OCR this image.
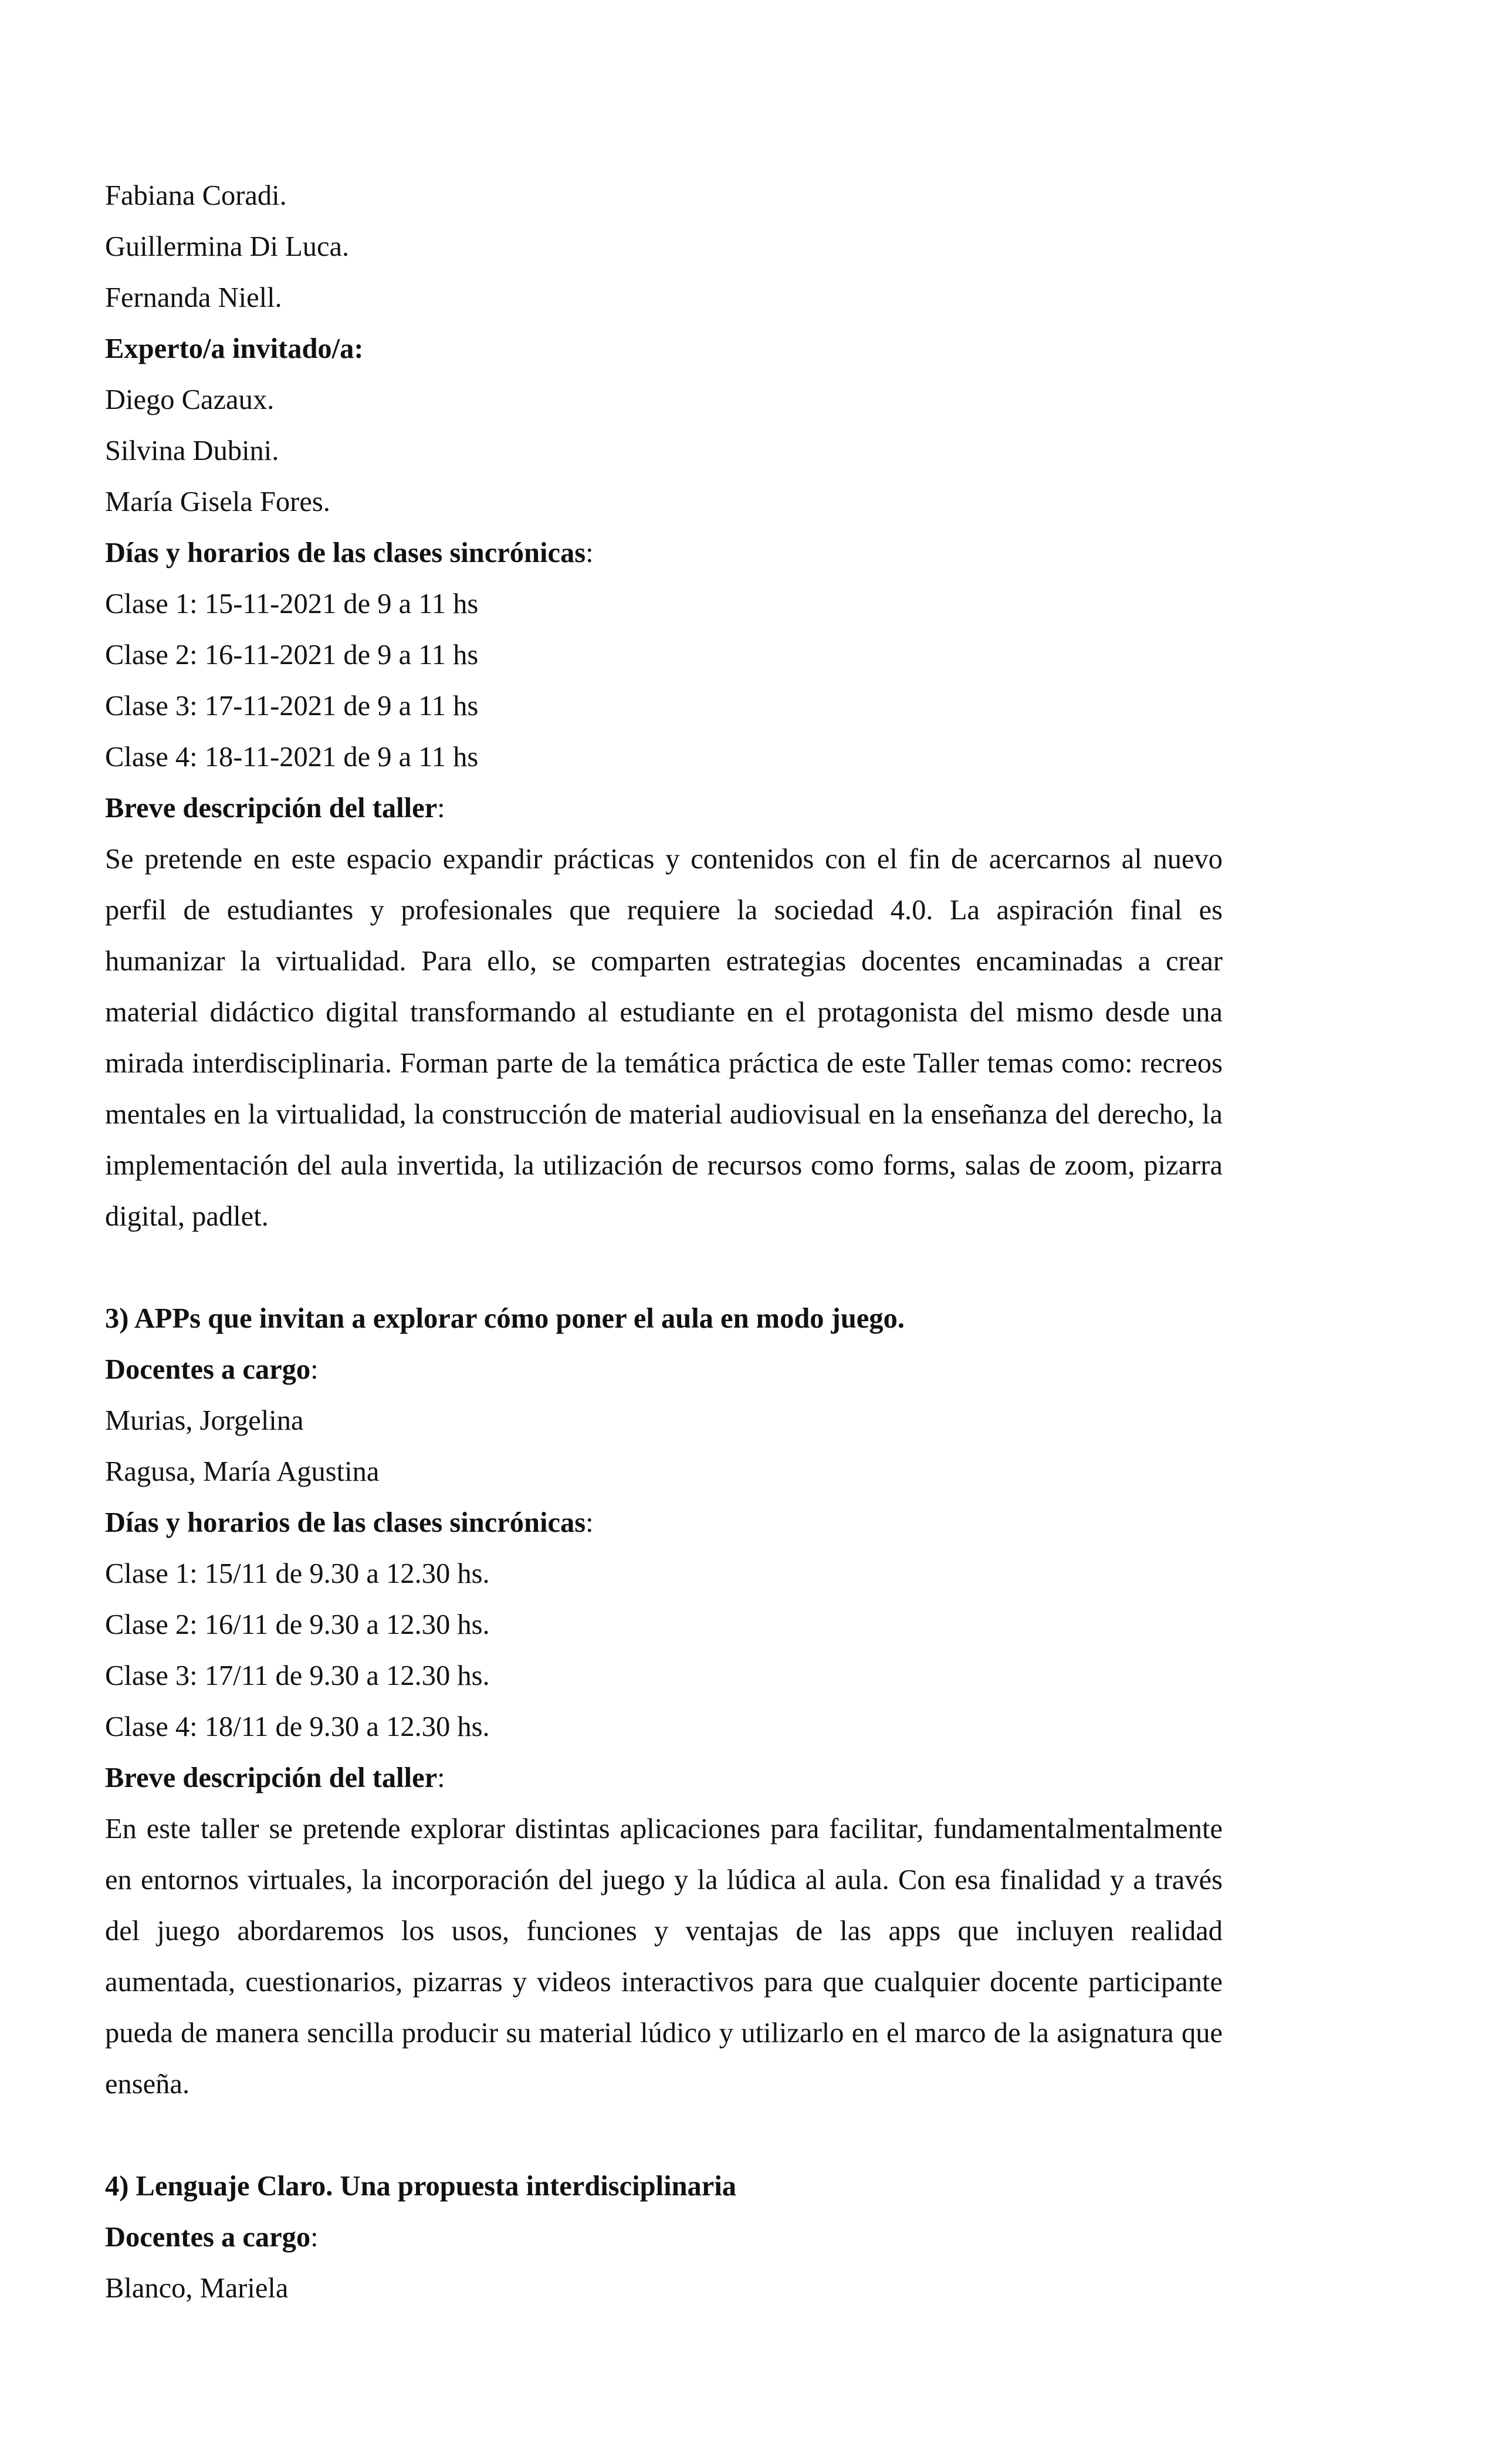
Fabiana Coradi.
Guillermina Di Luca.
Fernanda Niell.
Experto/a invitado/a:
Diego Cazaux.
Silvina Dubini.
María Gisela Fores.
Días y horarios de las clases sincrónicas:
Clase 1: 15-11-2021 de 9 a 11 hs
Clase 2: 16-11-2021 de 9 a 11 hs
Clase 3: 17-11-2021 de 9 a 11 hs
Clase 4: 18-11-2021 de 9 a 11 hs
Breve descripción del taller:
Se pretende en este espacio expandir prácticas y contenidos con el fin de acercarnos al nuevo perfil de estudiantes y profesionales que requiere la sociedad 4.0. La aspiración final es humanizar la virtualidad. Para ello, se comparten estrategias docentes encaminadas a crear material didáctico digital transformando al estudiante en el protagonista del mismo desde una mirada interdisciplinaria. Forman parte de la temática práctica de este Taller temas como: recreos mentales en la virtualidad, la construcción de material audiovisual en la enseñanza del derecho, la implementación del aula invertida, la utilización de recursos como forms, salas de zoom, pizarra digital, padlet.
3) APPs que invitan a explorar cómo poner el aula en modo juego.
Docentes a cargo:
Murias, Jorgelina
Ragusa, María Agustina
Días y horarios de las clases sincrónicas:
Clase 1: 15/11 de 9.30 a 12.30 hs.
Clase 2: 16/11 de 9.30 a 12.30 hs.
Clase 3: 17/11 de 9.30 a 12.30 hs.
Clase 4: 18/11 de 9.30 a 12.30 hs.
Breve descripción del taller:
En este taller se pretende explorar distintas aplicaciones para facilitar, fundamentalmentalmente en entornos virtuales, la incorporación del juego y la lúdica al aula. Con esa finalidad y a través del juego abordaremos los usos, funciones y ventajas de las apps que incluyen realidad aumentada, cuestionarios, pizarras y videos interactivos para que cualquier docente participante pueda de manera sencilla producir su material lúdico y utilizarlo en el marco de la asignatura que enseña.
4) Lenguaje Claro. Una propuesta interdisciplinaria
Docentes a cargo:
Blanco, Mariela
